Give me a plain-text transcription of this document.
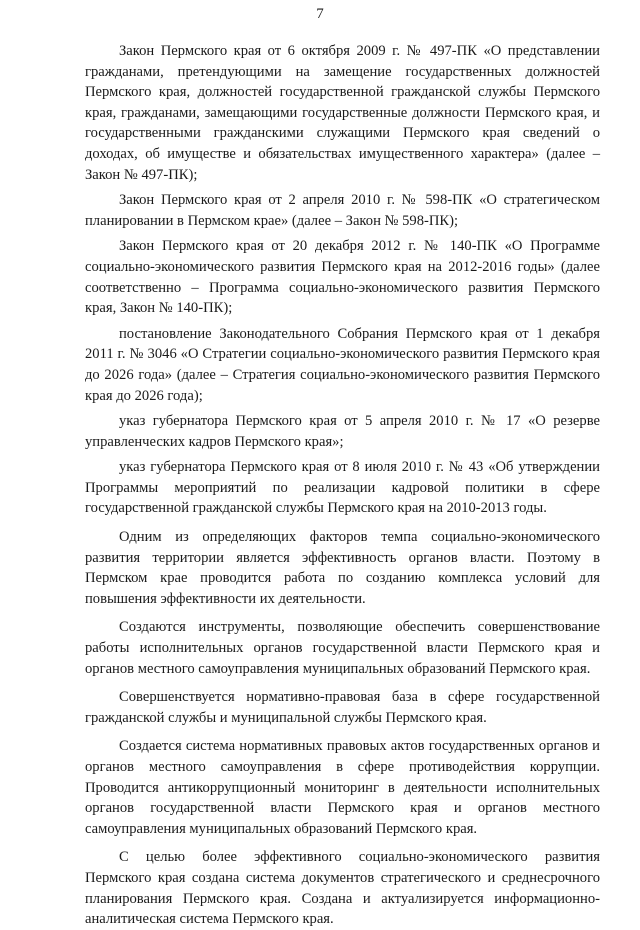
7

Закон Пермского края от 6 октября 2009 г. № 497-ПК «О представлении гражданами, претендующими на замещение государственных должностей Пермского края, должностей государственной гражданской службы Пермского края, гражданами, замещающими государственные должности Пермского края, и государственными гражданскими служащими Пермского края сведений о доходах, об имуществе и обязательствах имущественного характера» (далее – Закон № 497-ПК);

Закон Пермского края от 2 апреля 2010 г. № 598-ПК «О стратегическом планировании в Пермском крае» (далее – Закон № 598-ПК);

Закон Пермского края от 20 декабря 2012 г. № 140-ПК «О Программе социально-экономического развития Пермского края на 2012-2016 годы» (далее соответственно – Программа социально-экономического развития Пермского края, Закон № 140-ПК);

постановление Законодательного Собрания Пермского края от 1 декабря 2011 г. № 3046 «О Стратегии социально-экономического развития Пермского края до 2026 года» (далее – Стратегия социально-экономического развития Пермского края до 2026 года);

указ губернатора Пермского края от 5 апреля 2010 г. № 17 «О резерве управленческих кадров Пермского края»;

указ губернатора Пермского края от 8 июля 2010 г. № 43 «Об утверждении Программы мероприятий по реализации кадровой политики в сфере государственной гражданской службы Пермского края на 2010-2013 годы.

Одним из определяющих факторов темпа социально-экономического развития территории является эффективность органов власти. Поэтому в Пермском крае проводится работа по созданию комплекса условий для повышения эффективности их деятельности.

Создаются инструменты, позволяющие обеспечить совершенствование работы исполнительных органов государственной власти Пермского края и органов местного самоуправления муниципальных образований Пермского края.

Совершенствуется нормативно-правовая база в сфере государственной гражданской службы и муниципальной службы Пермского края.

Создается система нормативных правовых актов государственных органов и органов местного самоуправления в сфере противодействия коррупции. Проводится антикоррупционный мониторинг в деятельности исполнительных органов государственной власти Пермского края и органов местного самоуправления муниципальных образований Пермского края.

С целью более эффективного социально-экономического развития Пермского края создана система документов стратегического и среднесрочного планирования Пермского края. Создана и актуализируется информационно-аналитическая система Пермского края.
